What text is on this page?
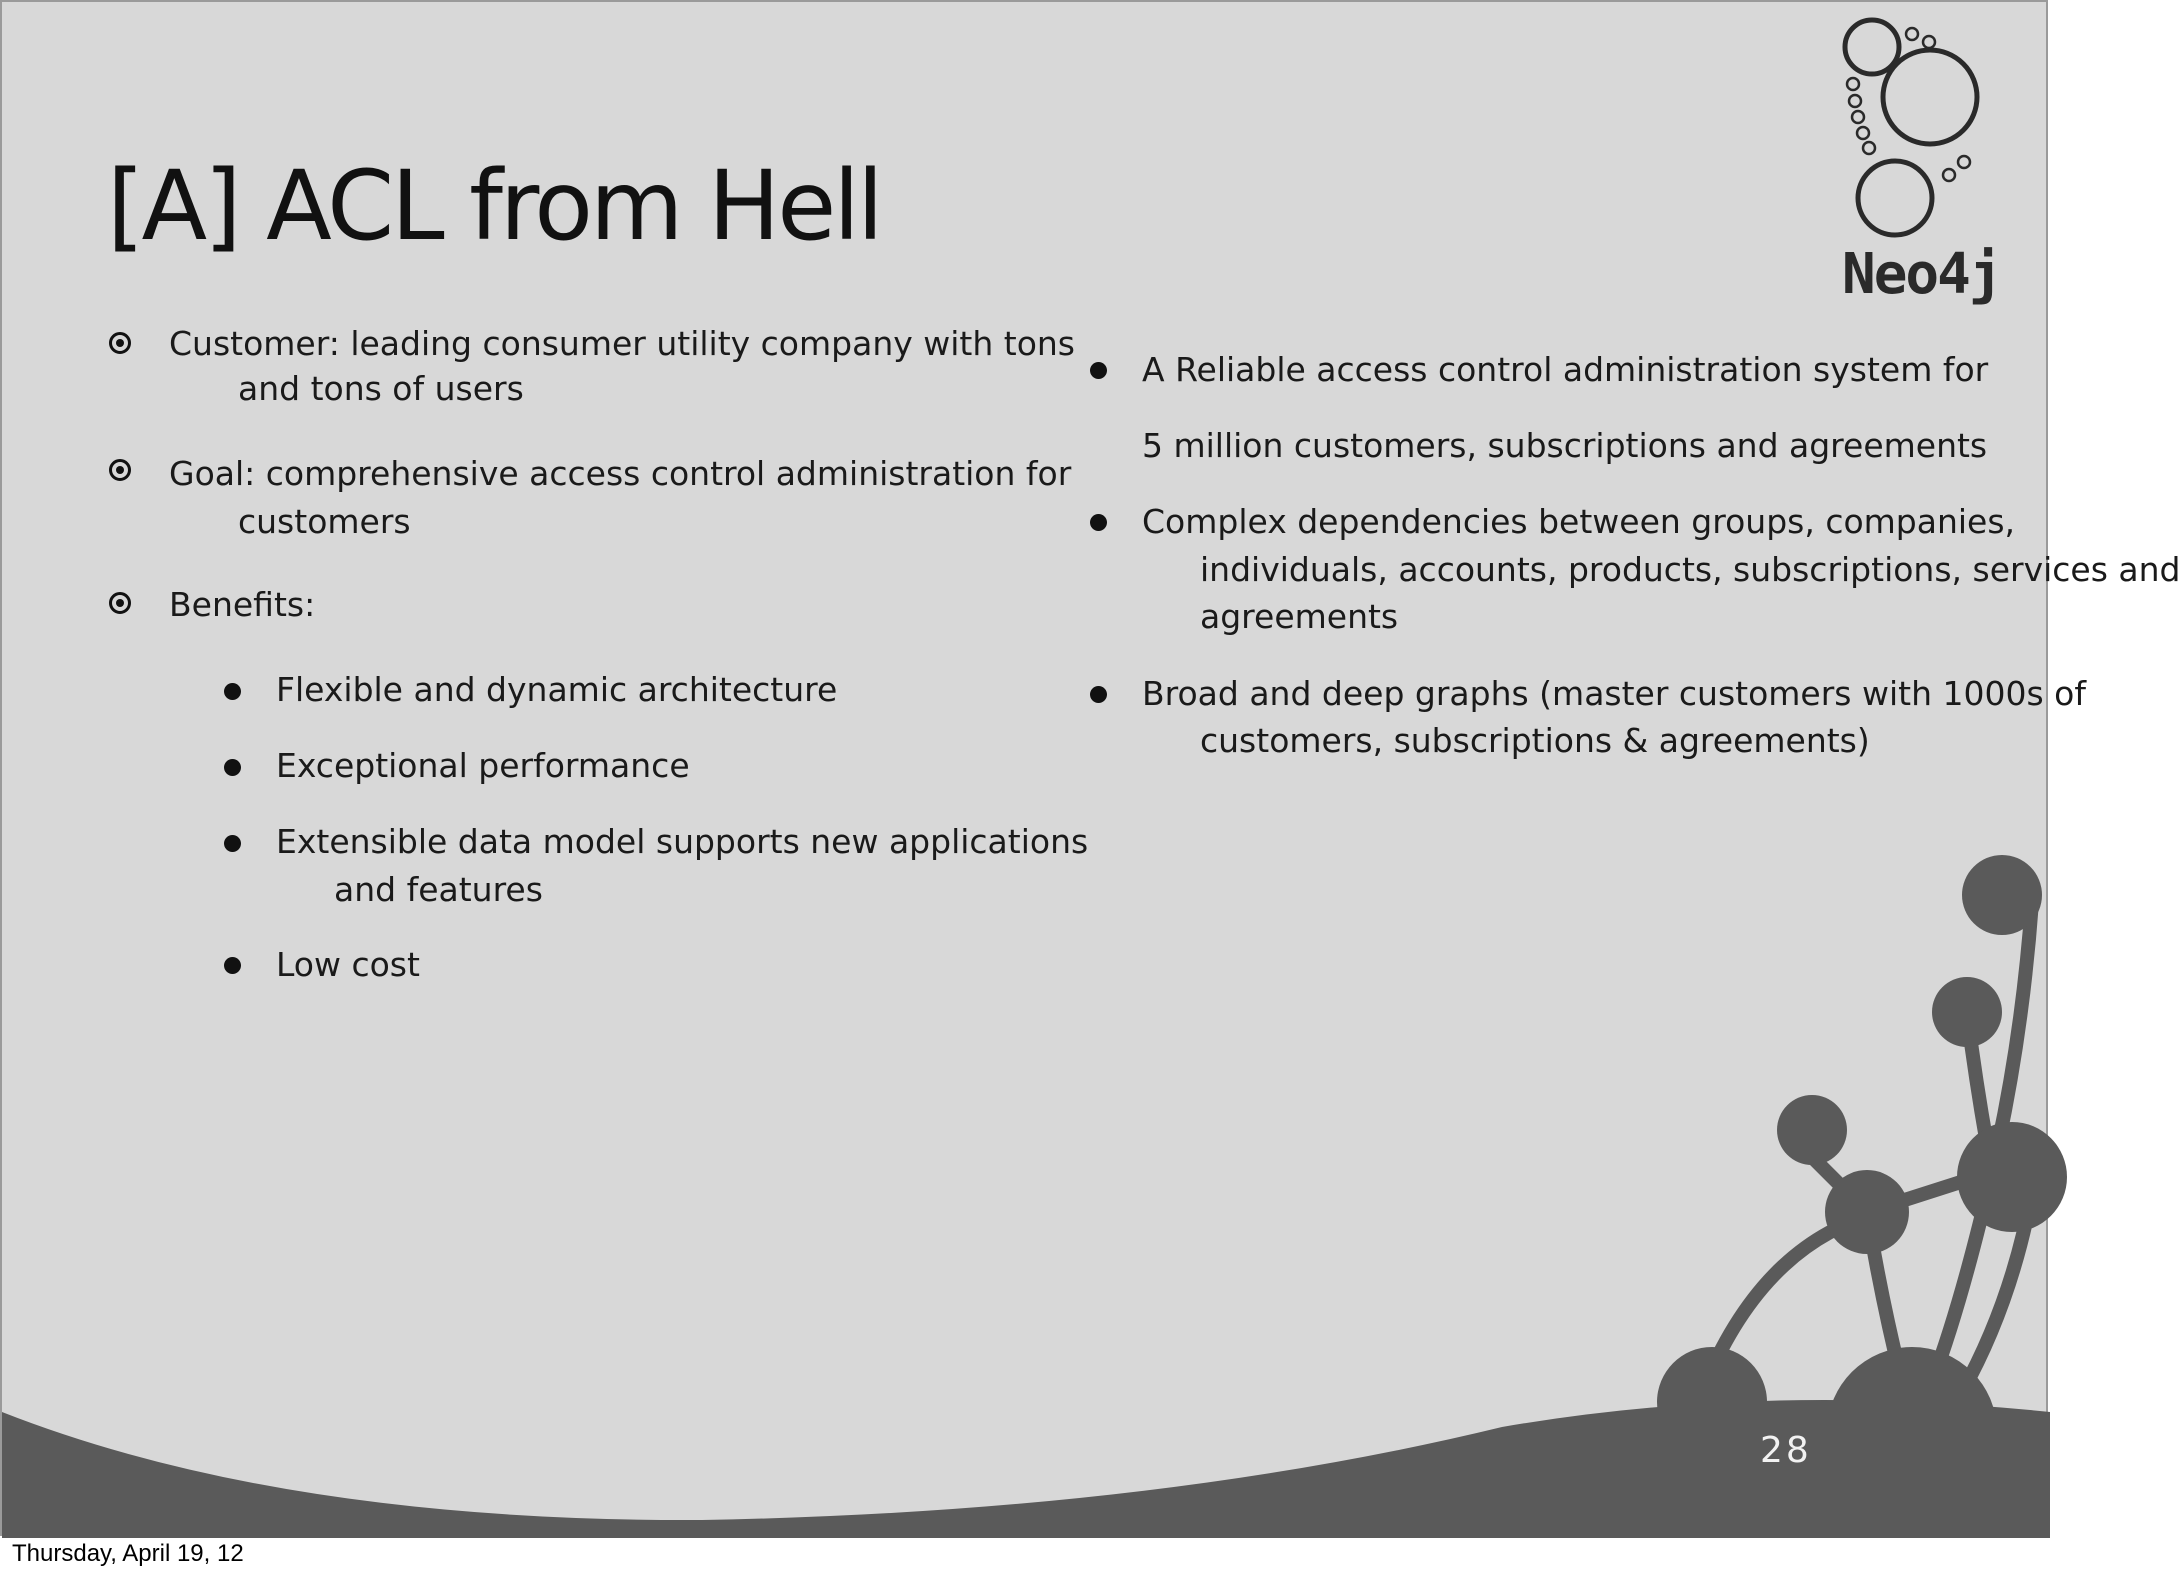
Neo4j
[A] ACL from Hell
Customer: leading consumer utility company with tons
and tons of users
Goal: comprehensive access control administration for
customers
Benefits:
Flexible and dynamic architecture
Exceptional performance
Extensible data model supports new applications
and features
Low cost
A Reliable access control administration system for
5 million customers, subscriptions and agreements
Complex dependencies between groups, companies,
individuals, accounts, products, subscriptions, services and
agreements
Broad and deep graphs (master customers with 1000s of
customers, subscriptions & agreements)
28
Thursday, April 19, 12
